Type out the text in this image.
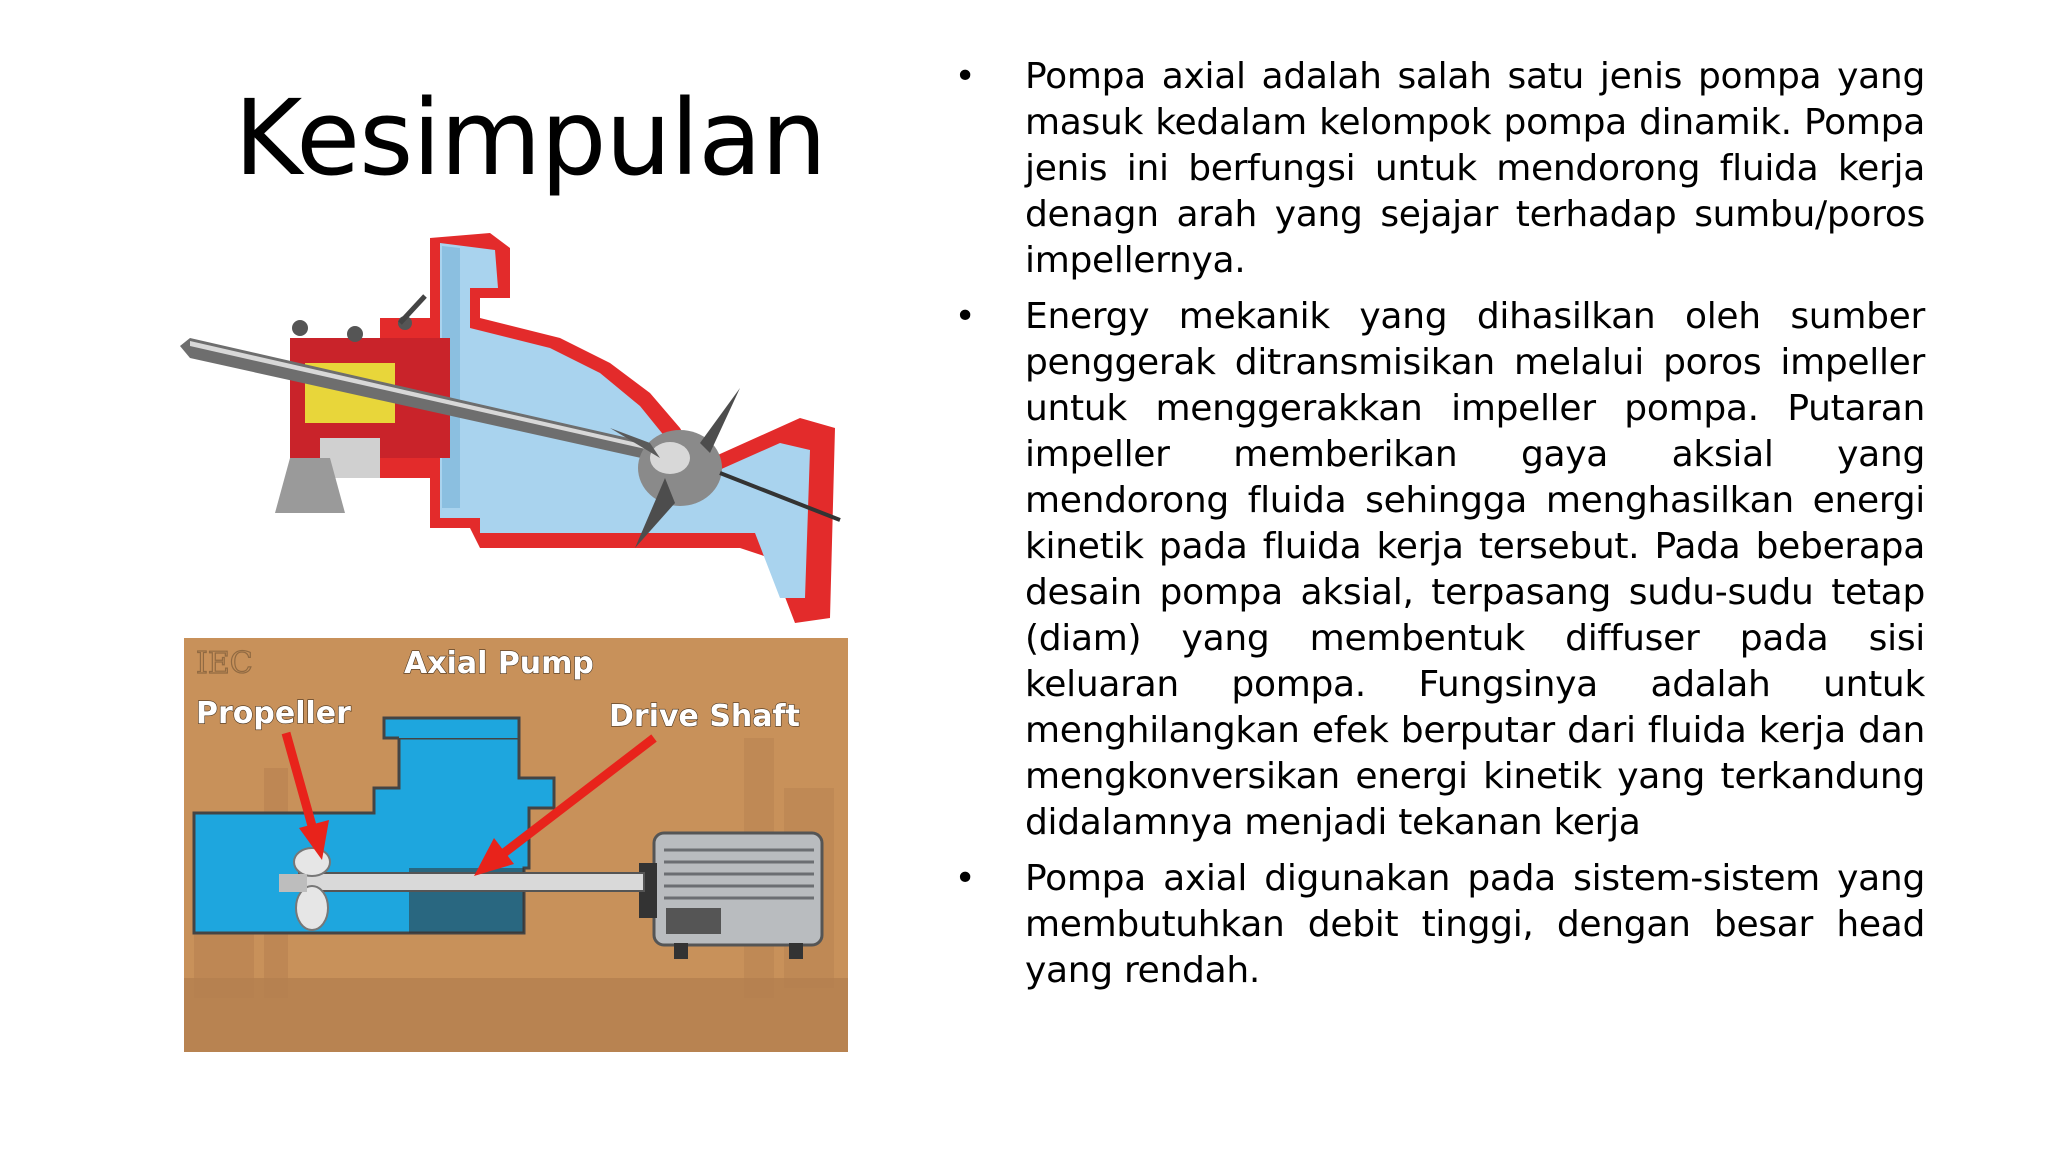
Kesimpulan
IEC	Axial Pump
Propeller	Drive Shaft
• Pompa axial adalah salah satu jenis pompa yang masuk kedalam kelompok pompa dinamik. Pompa jenis ini berfungsi untuk mendorong fluida kerja denagn arah yang sejajar terhadap sumbu/poros impellernya.
• Energy mekanik yang dihasilkan oleh sumber penggerak ditransmisikan melalui poros impeller untuk menggerakkan impeller pompa. Putaran impeller memberikan gaya aksial yang mendorong fluida sehingga menghasilkan energi kinetik pada fluida kerja tersebut. Pada beberapa desain pompa aksial, terpasang sudu-sudu tetap (diam) yang membentuk diffuser pada sisi keluaran pompa. Fungsinya adalah untuk menghilangkan efek berputar dari fluida kerja dan mengkonversikan energi kinetik yang terkandung didalamnya menjadi tekanan kerja
• Pompa axial digunakan pada sistem-sistem yang membutuhkan debit tinggi, dengan besar head yang rendah.
